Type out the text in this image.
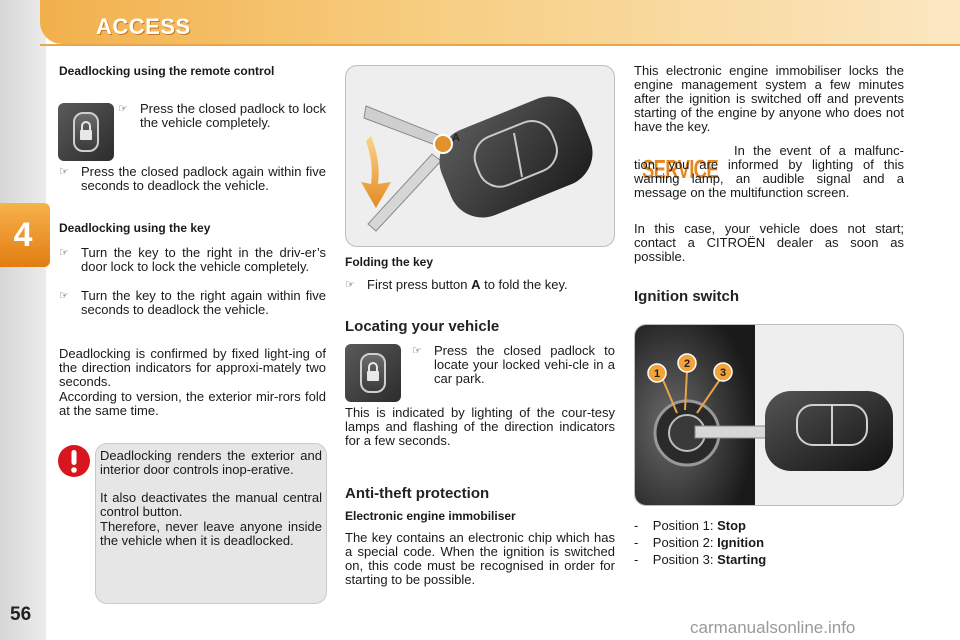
4
ACCESS
56
carmanualsonline.info
Deadlocking using the remote control
☞ Press the closed padlock to lock the vehicle completely.
☞ Press the closed padlock again within five seconds to deadlock the vehicle.
Deadlocking using the key
☞ Turn the key to the right in the driv-er’s door lock to lock the vehicle completely.
☞ Turn the key to the right again within five seconds to deadlock the vehicle.
Deadlocking is confirmed by fixed light-ing of the direction indicators for approxi-mately two seconds.
According to version, the exterior mir-rors fold at the same time.
Deadlocking renders the exterior and interior door controls inop-erative.
It also deactivates the manual central control button.
Therefore, never leave anyone inside the vehicle when it is deadlocked.
A
Folding the key
☞ First press button A to fold the key.
Locating your vehicle
☞ Press the closed padlock to locate your locked vehi-cle in a car park.
This is indicated by lighting of the cour-tesy lamps and flashing of the direction indicators for a few seconds.
Anti-theft protection
Electronic engine immobiliser
The key contains an electronic chip which has a special code. When the ignition is switched on, this code must be recognised in order for starting to be possible.
This electronic engine immobiliser locks the engine management system a few minutes after the ignition is switched off and prevents starting of the engine by anyone who does not have the key.
SERVICE
In the event of a malfunc-tion, you are informed by lighting of this warning lamp, an audible signal and a message on the multifunction screen.
In this case, your vehicle does not start; contact a CITROËN dealer as soon as possible.
Ignition switch
1
2
3
-    Position 1: Stop
-    Position 2: Ignition
-    Position 3: Starting
